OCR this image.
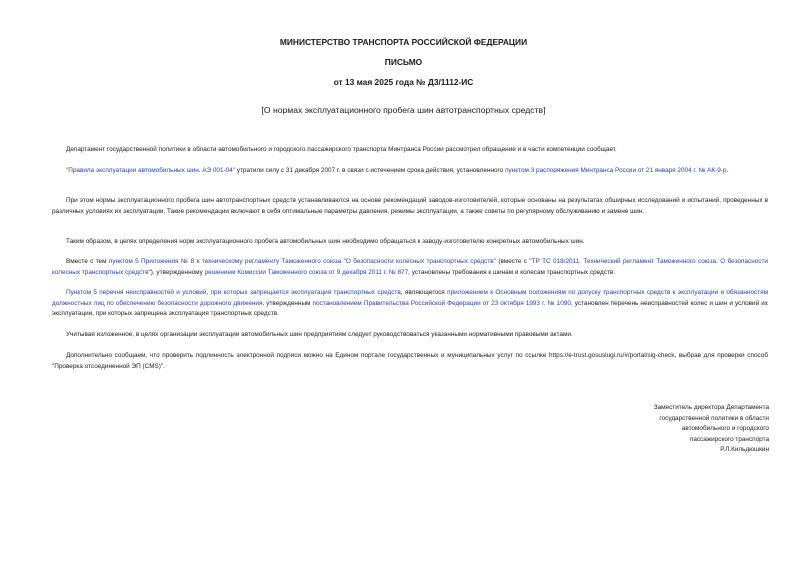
МИНИСТЕРСТВО ТРАНСПОРТА РОССИЙСКОЙ ФЕДЕРАЦИИ
ПИСЬМО
от 13 мая 2025 года № Д3/1112-ИС
[О нормах эксплуатационного пробега шин автотранспортных средств]

Департамент государственной политики в области автомобильного и городского пассажирского транспорта Минтранса России рассмотрел обращение и в части компетенции сообщает.

"Правила эксплуатации автомобильных шин. АЭ 001-04" утратили силу с 31 декабря 2007 г. в связи с истечением срока действия, установленного пунктом 3 распоряжения Минтранса России от 21 января 2004 г. № АК-9-р.

При этом нормы эксплуатационного пробега шин автотранспортных средств устанавливаются на основе рекомендаций заводов-изготовителей, которые основаны на результатах обширных исследований и испытаний, проведенных в различных условиях их эксплуатации. Такие рекомендации включают в себя оптимальные параметры давления, режимы эксплуатации, а также советы по регулярному обслуживанию и замене шин.

Таким образом, в целях определения норм эксплуатационного пробега автомобильных шин необходимо обращаться к заводу-изготовителю конкретных автомобильных шин.

Вместе с тем пунктом 5 Приложения № 8 к техническому регламенту Таможенного союза "О безопасности колесных транспортных средств" (вместе с "ТР ТС 018/2011. Технический регламент Таможенного союза. О безопасности колесных транспортных средств"), утвержденному решением Комиссии Таможенного союза от 9 декабря 2011 г. № 877, установлены требования к шинам и колесам транспортных средств.

Пунктом 5 перечня неисправностей и условий, при которых запрещается эксплуатация транспортных средств, являющегося приложением к Основным положениям по допуску транспортных средств к эксплуатации и обязанностям должностных лиц по обеспечению безопасности дорожного движения, утвержденным постановлением Правительства Российской Федерации от 23 октября 1993 г. № 1090, установлен перечень неисправностей колес и шин и условий их эксплуатации, при которых запрещена эксплуатация транспортных средств.

Учитывая изложенное, в целях организации эксплуатации автомобильных шин предприятиям следует руководствоваться указанными нормативными правовыми актами.

Дополнительно сообщаем, что проверить подлинность электронной подписи можно на Едином портале государственных и муниципальных услуг по ссылке https://e-trust.gosuslugi.ru/#/portal/sig-check, выбрав для проверки способ "Проверка отсоединенной ЭП (CMS)".

Заместитель директора Департамента
государственной политики в области
автомобильного и городского
пассажирского транспорта
Р.Л.Кильдюшкин
